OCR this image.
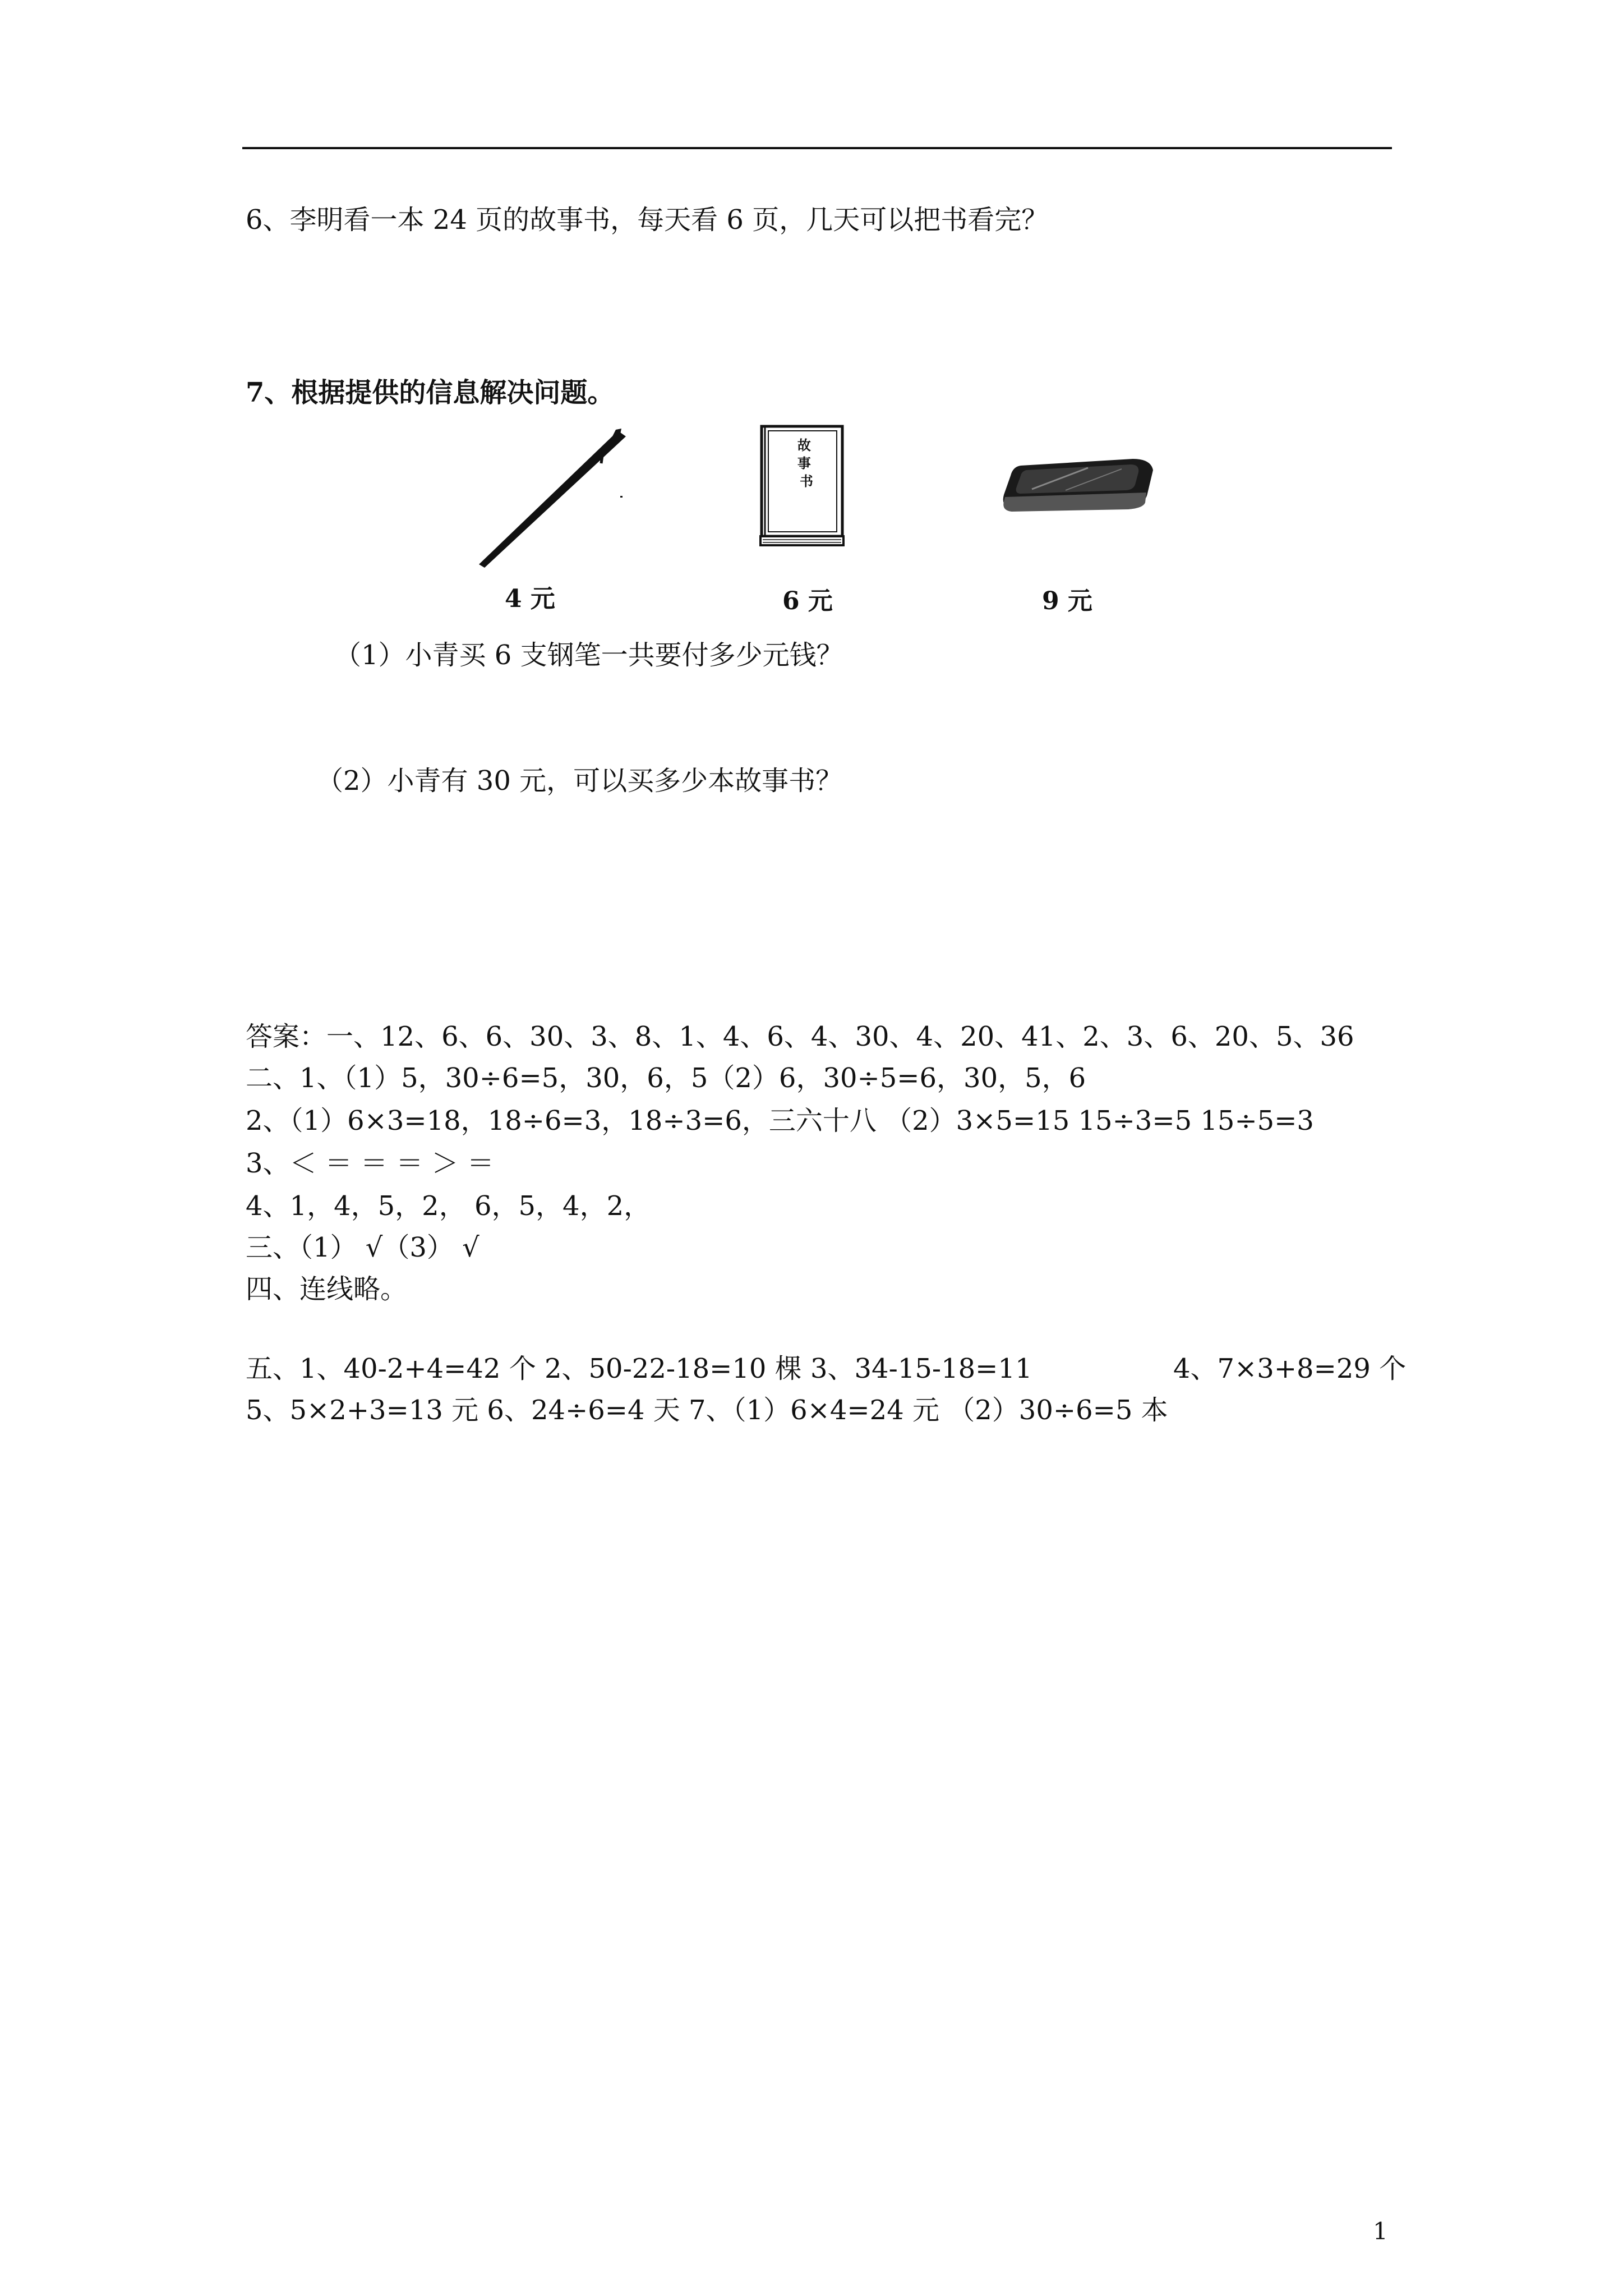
6、李明看一本 24 页的故事书，每天看 6 页，几天可以把书看完？
7、根据提供的信息解决问题。
故 事 书
4 元	6 元	9 元
（1）小青买 6 支钢笔一共要付多少元钱？
（2）小青有 30 元，可以买多少本故事书？
答案：一、12、6、6、30、3、8、1、4、6、4、30、4、20、41、2、3、6、20、5、36
二、1、（1）5，30÷6=5，30，6，5（2）6，30÷5=6，30，5，6
2、（1）6×3=18，18÷6=3，18÷3=6，三六十八 （2）3×5=15 15÷3=5 15÷5=3
3、＜ ＝ ＝ ＝ ＞ ＝
4、1，4，5，2， 6，5，4，2，
三、（1） √（3） √
四、连线略。
五、1、40-2+4=42 个 2、50-22-18=10 棵 3、34-15-18=11	4、7×3+8=29 个
5、5×2+3=13 元 6、24÷6=4 天 7、（1）6×4=24 元 （2）30÷6=5 本
1
